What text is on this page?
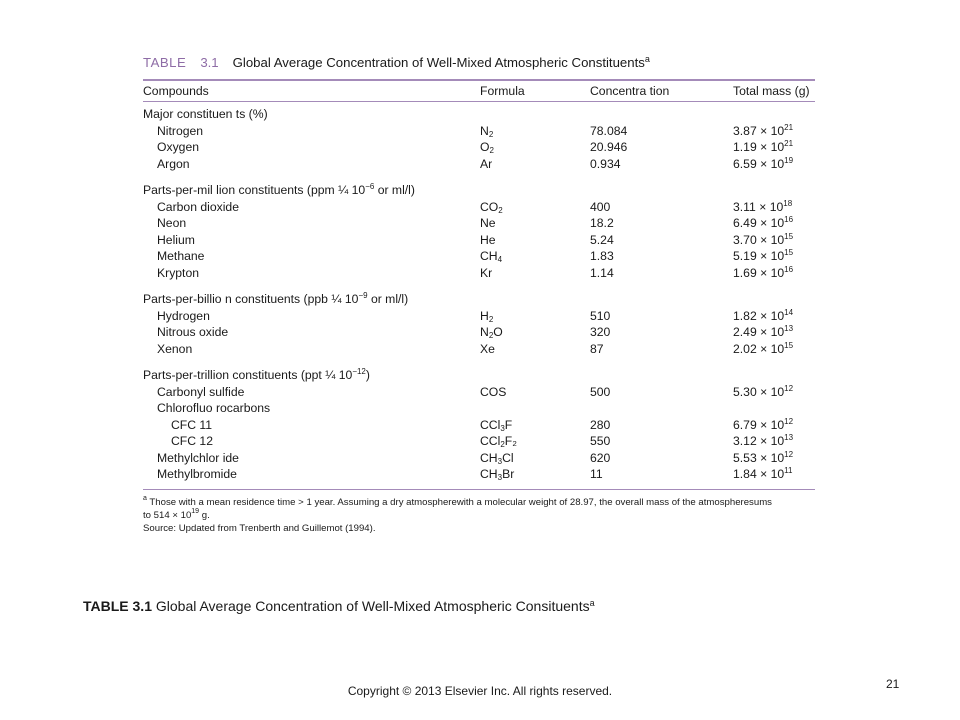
TABLE 3.1 Global Average Concentration of Well-Mixed Atmospheric Constituents$^a$
Compounds	Formula	Concentra tion	Total mass (g)
Major constituen ts (%)
Nitrogen	$N_2$	78.084	$3.87 \times 10^{21}$
Oxygen	$O_2$	20.946	$1.19 \times 10^{21}$
Argon	Ar	0.934	$6.59 \times 10^{19}$
Parts-per-mil lion constituents (ppm ¼ $10^{-6}$ or ml/l)
Carbon dioxide	$CO_2$	400	$3.11 \times 10^{18}$
Neon	Ne	18.2	$6.49 \times 10^{16}$
Helium	He	5.24	$3.70 \times 10^{15}$
Methane	$CH_4$	1.83	$5.19 \times 10^{15}$
Krypton	Kr	1.14	$1.69 \times 10^{16}$
Parts-per-billio n constituents (ppb ¼ $10^{-9}$ or ml/l)
Hydrogen	$H_2$	510	$1.82 \times 10^{14}$
Nitrous oxide	$N_2O$	320	$2.49 \times 10^{13}$
Xenon	Xe	87	$2.02 \times 10^{15}$
Parts-per-trillion constituents (ppt ¼ $10^{-12}$)
Carbonyl sulfide	COS	500	$5.30 \times 10^{12}$
Chlorofluo rocarbons
CFC 11	CCl$_3$F	280	$6.79 \times 10^{12}$
CFC 12	CCl$_2$F₂	550	$3.12 \times 10^{13}$
Methylchlor ide	$CH_3Cl$	620	$5.53 \times 10^{12}$
Methylbromide	$CH_3Br$	11	$1.84 \times 10^{11}$
$^a$ Those with a mean residence time > 1 year. Assuming a dry atmospherewith a molecular weight of 28.97, the overall mass of the atmospheresums
to $514 \times 10^{19}$ g.
Source: Updated from Trenberth and Guillemot (1994).
TABLE 3.1 Global Average Concentration of Well-Mixed Atmospheric Consituents$^a$
21
Copyright © 2013 Elsevier Inc. All rights reserved.
